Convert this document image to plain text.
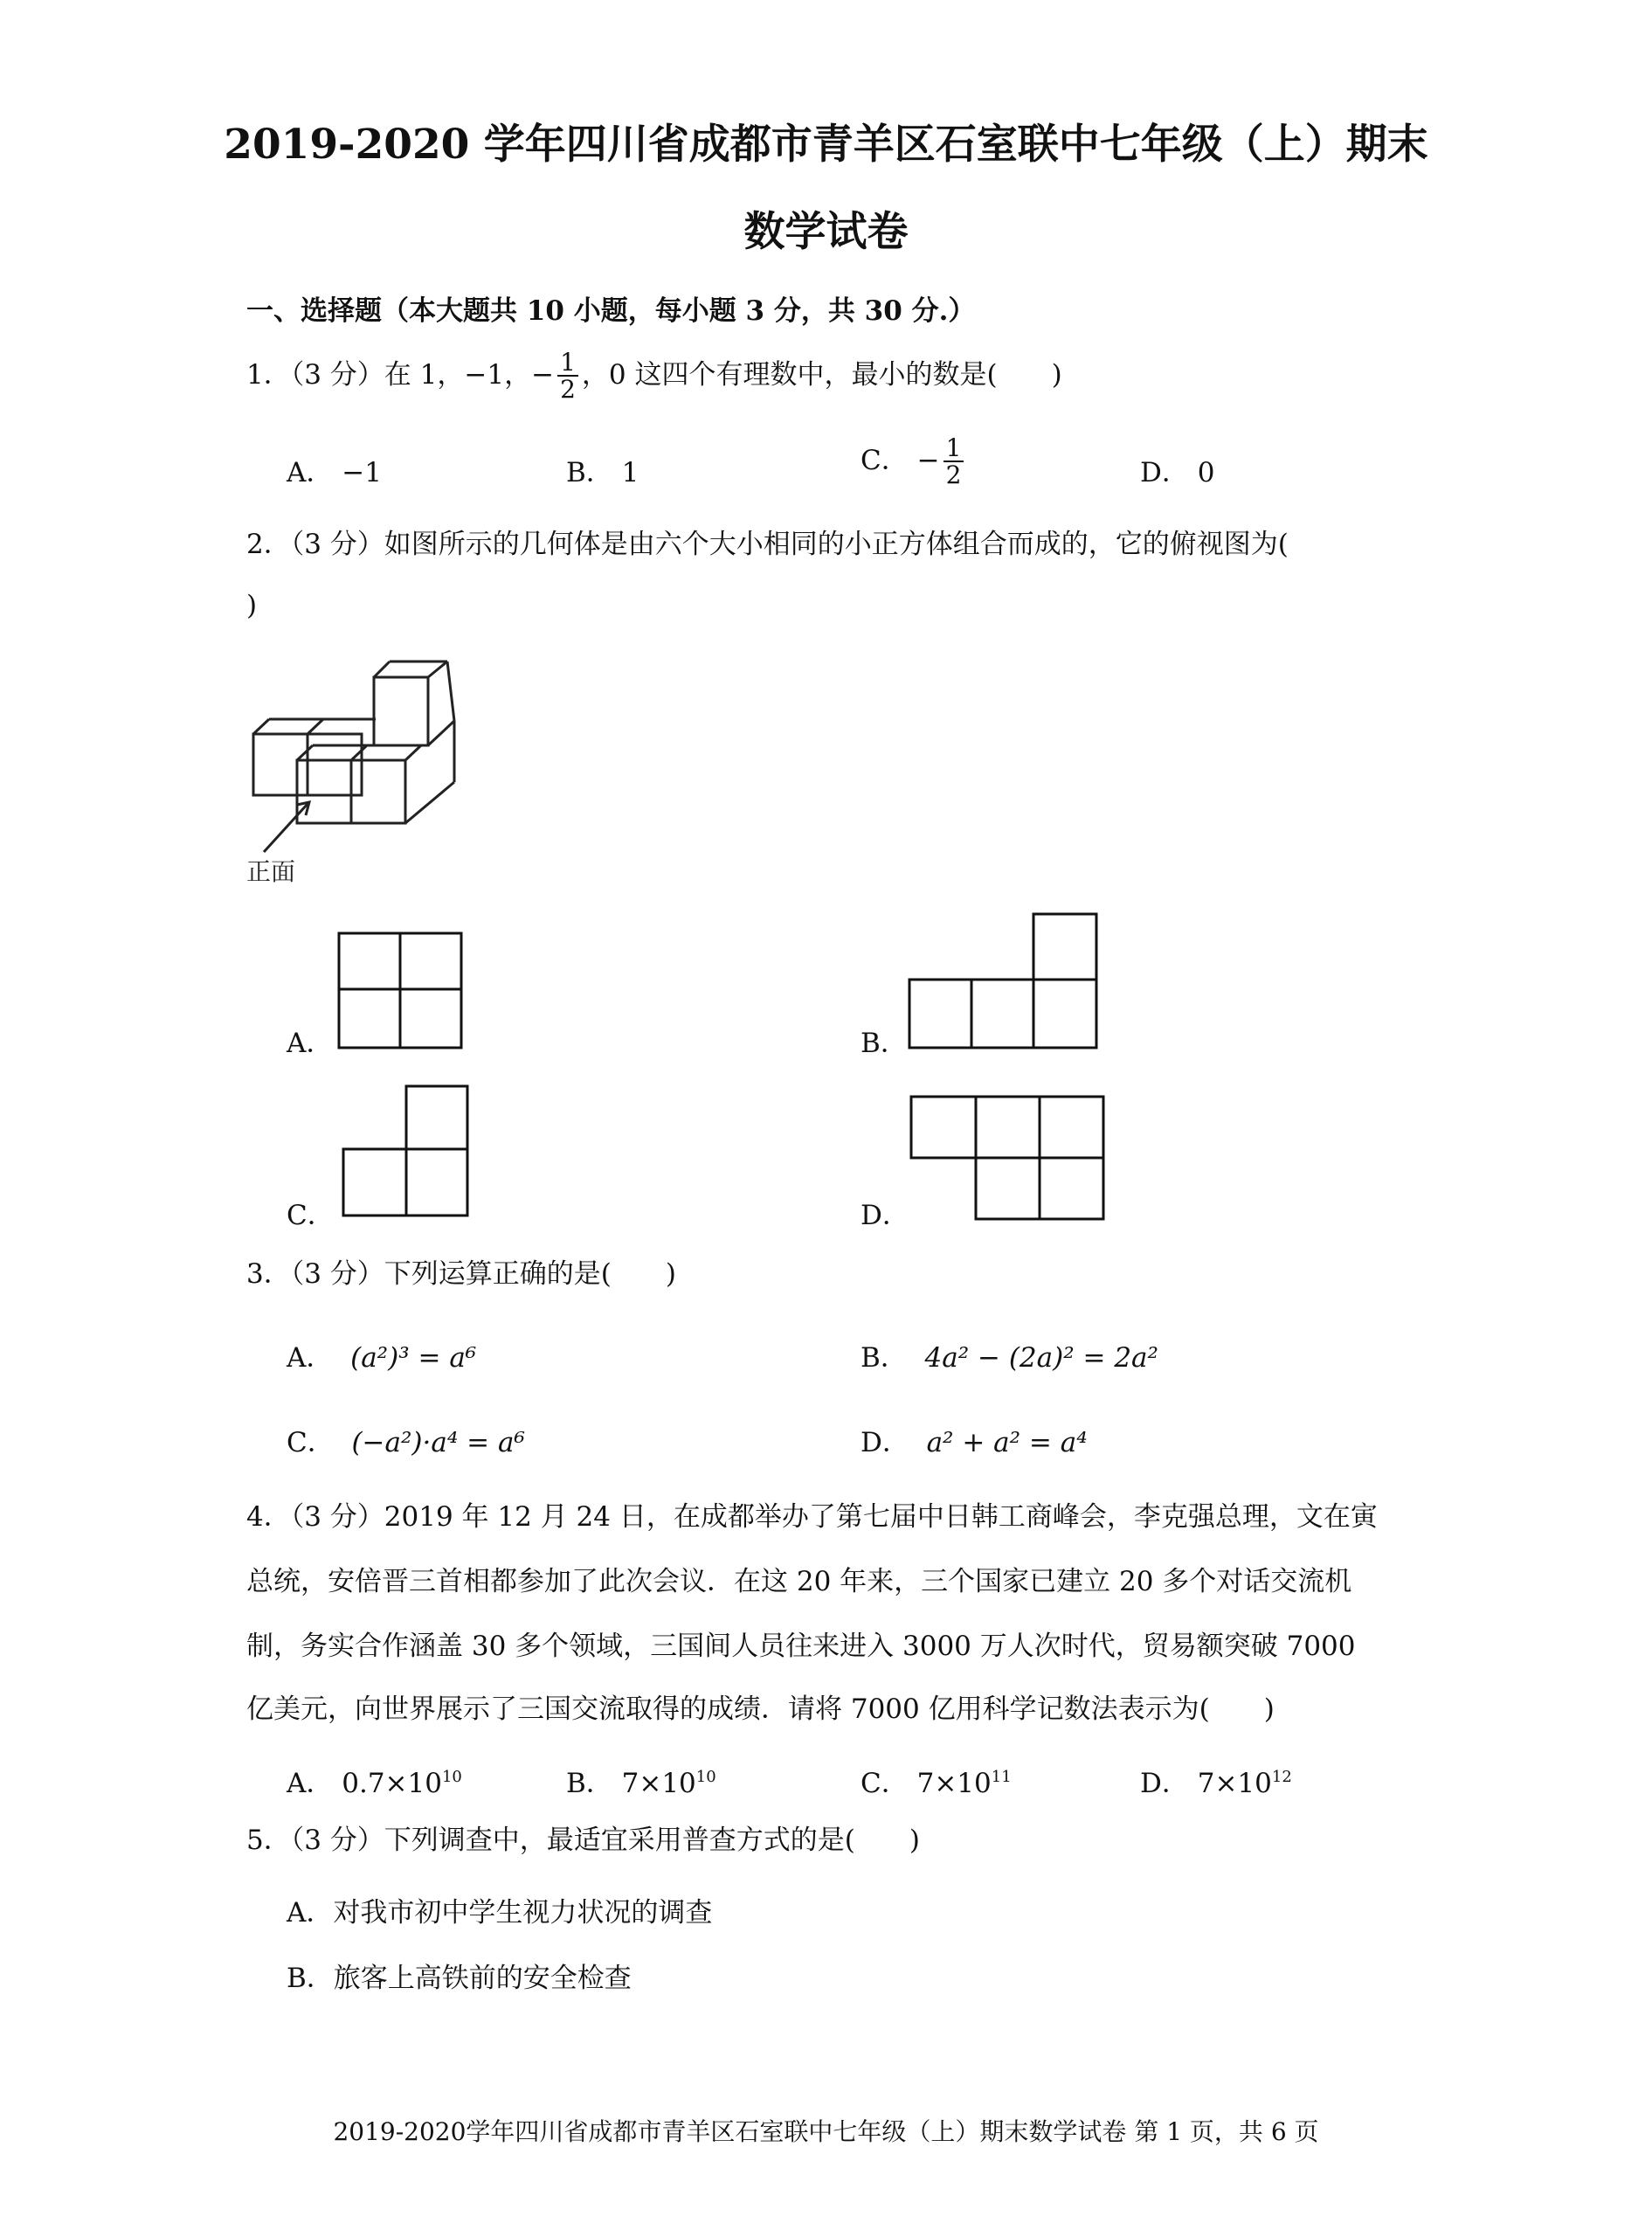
2019-2020 学年四川省成都市青羊区石室联中七年级（上）期末
数学试卷
一、选择题（本大题共 10 小题，每小题 3 分，共 30 分.）
1．（3 分）在 1，−1，− $\frac{1}{2}$ ，0 这四个有理数中，最小的数是(　　)
A． −1	B． 1	C． − $\frac{1}{2}$	D． 0
2．（3 分）如图所示的几何体是由六个大小相同的小正方体组合而成的，它的俯视图为(
)
正面
A．	B．
C．	D．
3．（3 分）下列运算正确的是(　　)
A． (a²)³ = a⁶	B． 4a² − (2a)² = 2a²
C． (−a²)·a⁴ = a⁶	D． a² + a² = a⁴
4．（3 分）2019 年 12 月 24 日，在成都举办了第七届中日韩工商峰会，李克强总理，文在寅
总统，安倍晋三首相都参加了此次会议．在这 20 年来，三个国家已建立 20 多个对话交流机
制，务实合作涵盖 30 多个领域，三国间人员往来进入 3000 万人次时代，贸易额突破 7000
亿美元，向世界展示了三国交流取得的成绩．请将 7000 亿用科学记数法表示为(　　)
A． $0.7\times 10^{10}$	B． $7\times 10^{10}$	C． $7\times 10^{11}$	D． $7\times 10^{12}$
5．（3 分）下列调查中，最适宜采用普查方式的是(　　)
A．对我市初中学生视力状况的调查
B．旅客上高铁前的安全检查
2019-2020学年四川省成都市青羊区石室联中七年级（上）期末数学试卷 第 1 页，共 6 页
